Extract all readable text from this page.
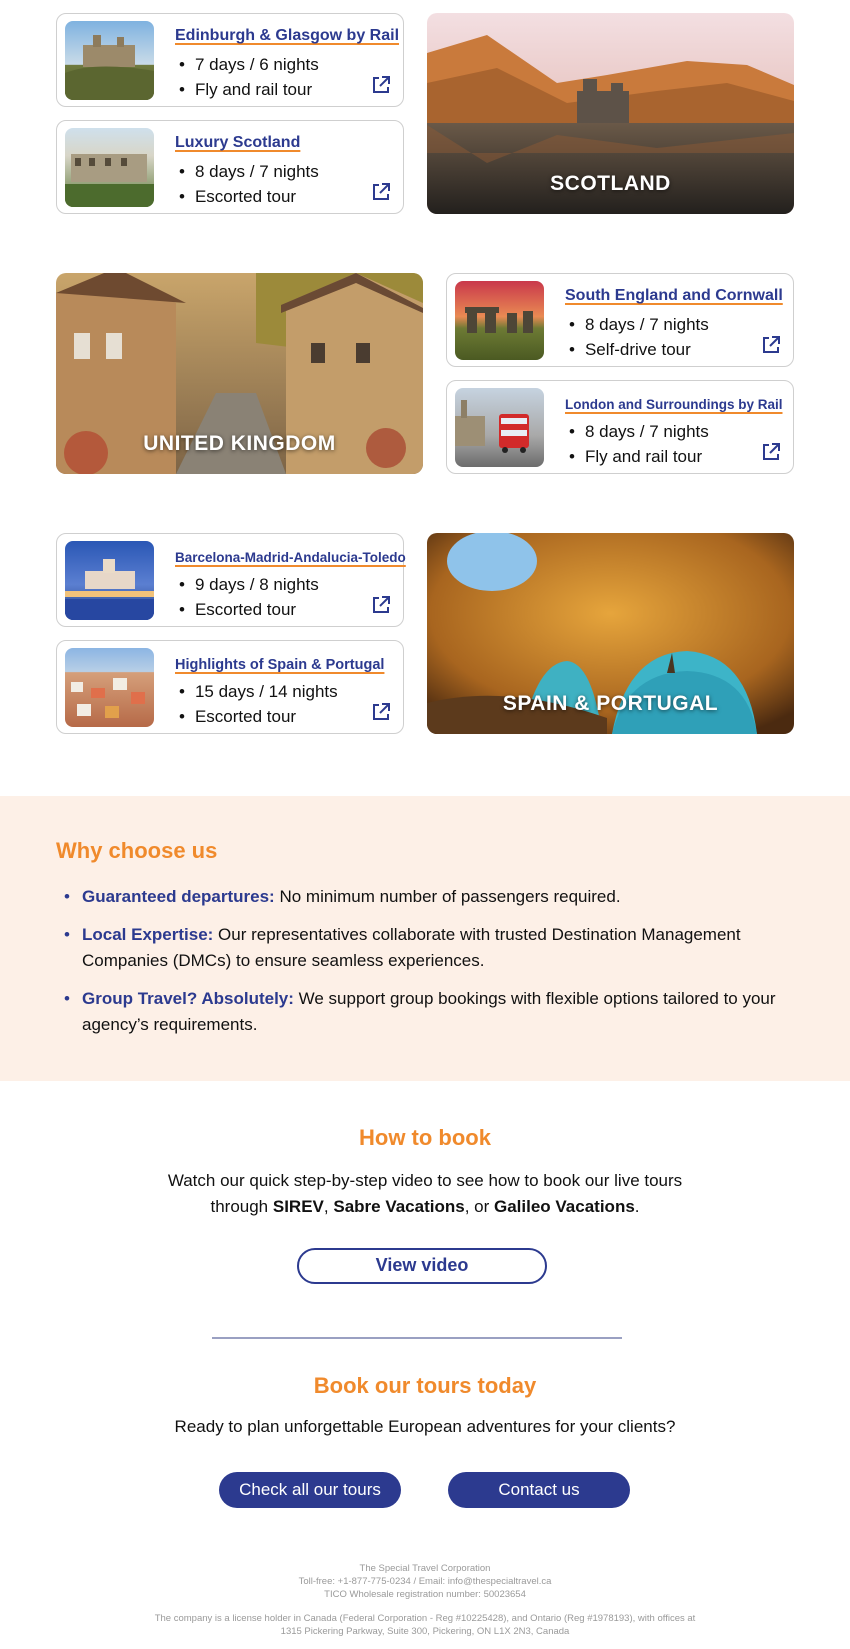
Edinburgh & Glasgow by Rail
• 7 days / 6 nights
• Fly and rail tour
Luxury Scotland
• 8 days / 7 nights
• Escorted tour
SCOTLAND
UNITED KINGDOM
South England and Cornwall
• 8 days / 7 nights
• Self-drive tour
London and Surroundings by Rail
• 8 days / 7 nights
• Fly and rail tour
Barcelona-Madrid-Andalucia-Toledo
• 9 days / 8 nights
• Escorted tour
Highlights of Spain & Portugal
• 15 days / 14 nights
• Escorted tour
SPAIN & PORTUGAL
Why choose us
• Guaranteed departures: No minimum number of passengers required.
• Local Expertise: Our representatives collaborate with trusted Destination Management Companies (DMCs) to ensure seamless experiences.
• Group Travel? Absolutely: We support group bookings with flexible options tailored to your agency’s requirements.
How to book
Watch our quick step-by-step video to see how to book our live tours
through SIREV, Sabre Vacations, or Galileo Vacations.
View video
Book our tours today
Ready to plan unforgettable European adventures for your clients?
Check all our tours	Contact us
The Special Travel Corporation
Toll-free: +1-877-775-0234 / Email: info@thespecialtravel.ca
TICO Wholesale registration number: 50023654
The company is a license holder in Canada (Federal Corporation - Reg #10225428), and Ontario (Reg #1978193), with offices at
1315 Pickering Parkway, Suite 300, Pickering, ON L1X 2N3, Canada
